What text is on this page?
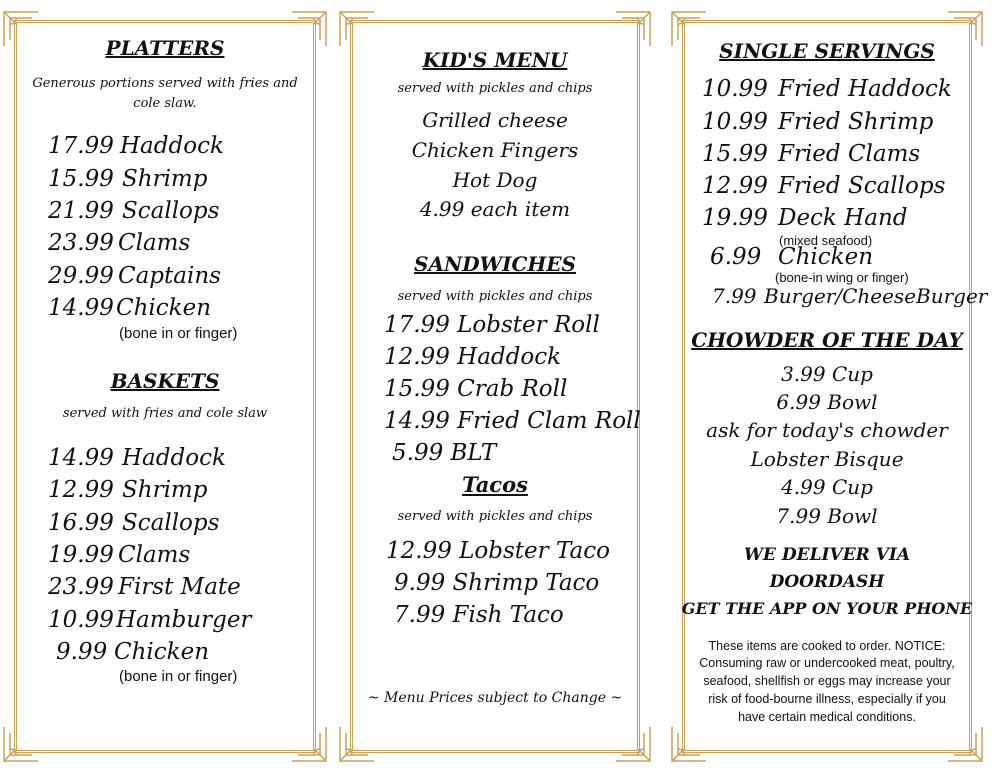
PLATTERS
Generous portions served with fries and
cole slaw.
17.99 Haddock
15.99 Shrimp
21.99 Scallops
23.99 Clams
29.99 Captains
14.99 Chicken
(bone in or finger)
BASKETS
served with fries and cole slaw
14.99 Haddock
12.99 Shrimp
16.99 Scallops
19.99 Clams
23.99 First Mate
10.99 Hamburger
9.99 Chicken
(bone in or finger)
KID'S MENU
served with pickles and chips
Grilled cheese
Chicken Fingers
Hot Dog
4.99 each item
SANDWICHES
served with pickles and chips
17.99 Lobster Roll
12.99 Haddock
15.99 Crab Roll
14.99 Fried Clam Roll
5.99 BLT
Tacos
served with pickles and chips
12.99 Lobster Taco
9.99 Shrimp Taco
7.99 Fish Taco
~ Menu Prices subject to Change ~
SINGLE SERVINGS
10.99 Fried Haddock
10.99 Fried Shrimp
15.99 Fried Clams
12.99 Fried Scallops
19.99 Deck Hand
(mixed seafood)
6.99 Chicken
(bone-in wing or finger)
7.99 Burger/CheeseBurger
CHOWDER OF THE DAY
3.99 Cup
6.99 Bowl
ask for today's chowder
Lobster Bisque
4.99 Cup
7.99 Bowl
WE DELIVER VIA
DOORDASH
GET THE APP ON YOUR PHONE
These items are cooked to order. NOTICE:
Consuming raw or undercooked meat, poultry,
seafood, shellfish or eggs may increase your
risk of food-bourne illness, especially if you
have certain medical conditions.
